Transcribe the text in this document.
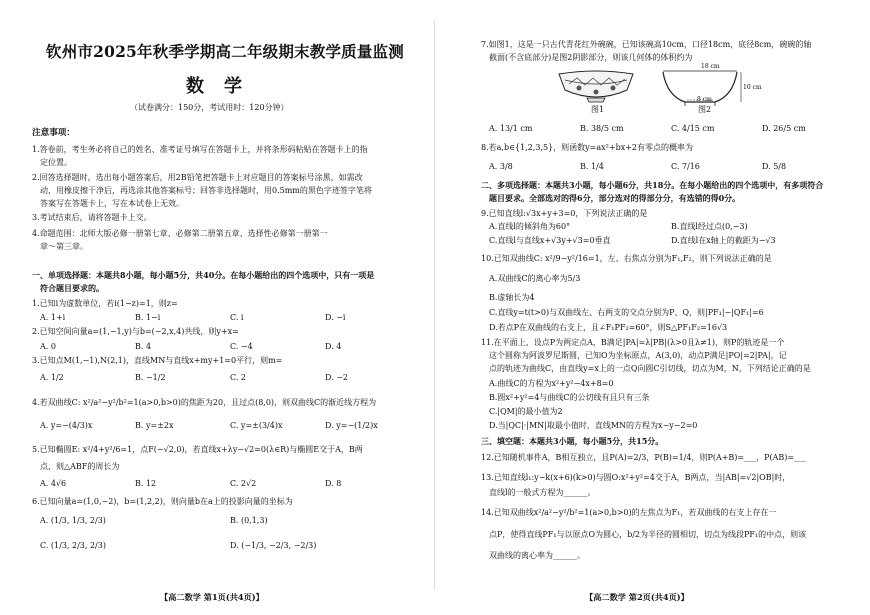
钦州市2025年秋季学期高二年级期末教学质量监测
数学
（试卷满分：150分，考试用时：120分钟）
注意事项：
1.答卷前，考生务必将自己的姓名、准考证号填写在答题卡上，并将条形码粘贴在答题卡上的指
定位置。
2.回答选择题时，选出每小题答案后，用2B铅笔把答题卡上对应题目的答案标号涂黑，如需改
动，用橡皮擦干净后，再选涂其他答案标号；回答非选择题时，用0.5mm的黑色字迹签字笔将
答案写在答题卡上，写在本试卷上无效。
3.考试结束后，请将答题卡上交。
4.命题范围：北师大版必修一册第七章、必修第二册第五章、选择性必修第一册第一
章～第三章。
一、单项选择题：本题共8小题，每小题5分，共40分。在每小题给出的四个选项中，只有一项是
符合题目要求的。
1.已知i为虚数单位，若i(1−z)=1，则z=
A. 1+i	B. 1−i	C. i	D. −i
2.已知空间向量a=(1,−1,y)与b=(−2,x,4)共线，则y+x=
A. 0	B. 4	C. −4	D. 4
3.已知点M(1,−1),N(2,1)，直线MN与直线x+my+1=0平行，则m=
A. 1/2	B. −1/2	C. 2	D. −2
4.若双曲线C: x²/a²−y²/b²=1(a>0,b>0)的焦距为20，且过点(8,0)，则双曲线C的渐近线方程为
A. y=−(4/3)x	B. y=±2x	C. y=±(3/4)x	D. y=−(1/2)x
5.已知椭圆E: x²/4+y²/6=1，点F(−√2,0)，若直线x+λy−√2=0(λ∈R)与椭圆E交于A，B两
点，则△ABF的周长为
A. 4√6	B. 12	C. 2√2	D. 8
6.已知向量a=(1,0,−2)，b=(1,2,2)，则向量b在a上的投影向量的坐标为
A. (1/3, 1/3, 2/3)	B. (0,1,3)
C. (1/3, 2/3, 2/3)	D. (−1/3, −2/3, −2/3)
【高二数学 第1页(共4页)】
7.如图1，这是一只古代青花红外碗碗，已知该碗高10cm，口径18cm，底径8cm，碗碗的轴
截面(不含底部分)是图2阴影部分，则该几何体的体积约为
图1
18 cm
10 cm
8 cm
图2
A. 13/1 cm	B. 38/5 cm	C. 4/15 cm	D. 26/5 cm
8.若a,b∈{1,2,3,5}，则函数y=ax²+bx+2有零点的概率为
A. 3/8	B. 1/4	C. 7/16	D. 5/8
二、多项选择题：本题共3小题，每小题6分，共18分。在每小题给出的四个选项中，有多项符合
题目要求。全部选对的得6分，部分选对的得部分分，有选错的得0分。
9.已知直线l:√3x+y+3=0，下列说法正确的是
A.直线l的倾斜角为60°	B.直线l经过点(0,−3)
C.直线l与直线x+√3y+√3=0垂直	D.直线l在x轴上的截距为−√3
10.已知双曲线C: x²/9−y²/16=1，左、右焦点分别为F₁,F₂，则下列说法正确的是
A.双曲线C的离心率为5/3
B.虚轴长为4
C.直线y=t(t>0)与双曲线左、右两支的交点分别为P、Q，则|PF₁|−|QF₁|=6
D.若点P在双曲线的右支上，且∠F₁PF₂=60°，则S△PF₁F₂=16√3
11.在平面上，设点P为两定点A，B满足|PA|=λ|PB|(λ>0且λ≠1)，则P的轨迹是一个
这个圆称为阿波罗尼斯圆，已知O为坐标原点，A(3,0)，动点P满足|PO|=2|PA|，记
点的轨迹为曲线C，由直线y=x上的一点Q向圆C引切线，切点为M，N，下列结论正确的是
A.曲线C的方程为x²+y²−4x+8=0
B.圆x²+y²=4与曲线C的公切线有且只有三条
C.|QM|的最小值为2
D.当|QC|·|MN|取最小值时，直线MN的方程为x−y−2=0
三、填空题：本题共3小题，每小题5分，共15分。
12.已知随机事件A，B相互独立，且P(A)=2/3，P(B)=1/4，则P(A+B)=___，P(AB)=___
13.已知直线l₁:y−k(x+6)(k>0)与圆O:x²+y²=4交于A，B两点，当|AB|=√2|OB|时，
直线l的一般式方程为______。
14.已知双曲线x²/a²−y²/b²=1(a>0,b>0)的左焦点为F₁，若双曲线的右支上存在一
点P，使得直线PF₁与以原点O为圆心，b/2为半径的圆相切，切点为线段PF₁的中点，则该
双曲线的离心率为______。
【高二数学 第2页(共4页)】
